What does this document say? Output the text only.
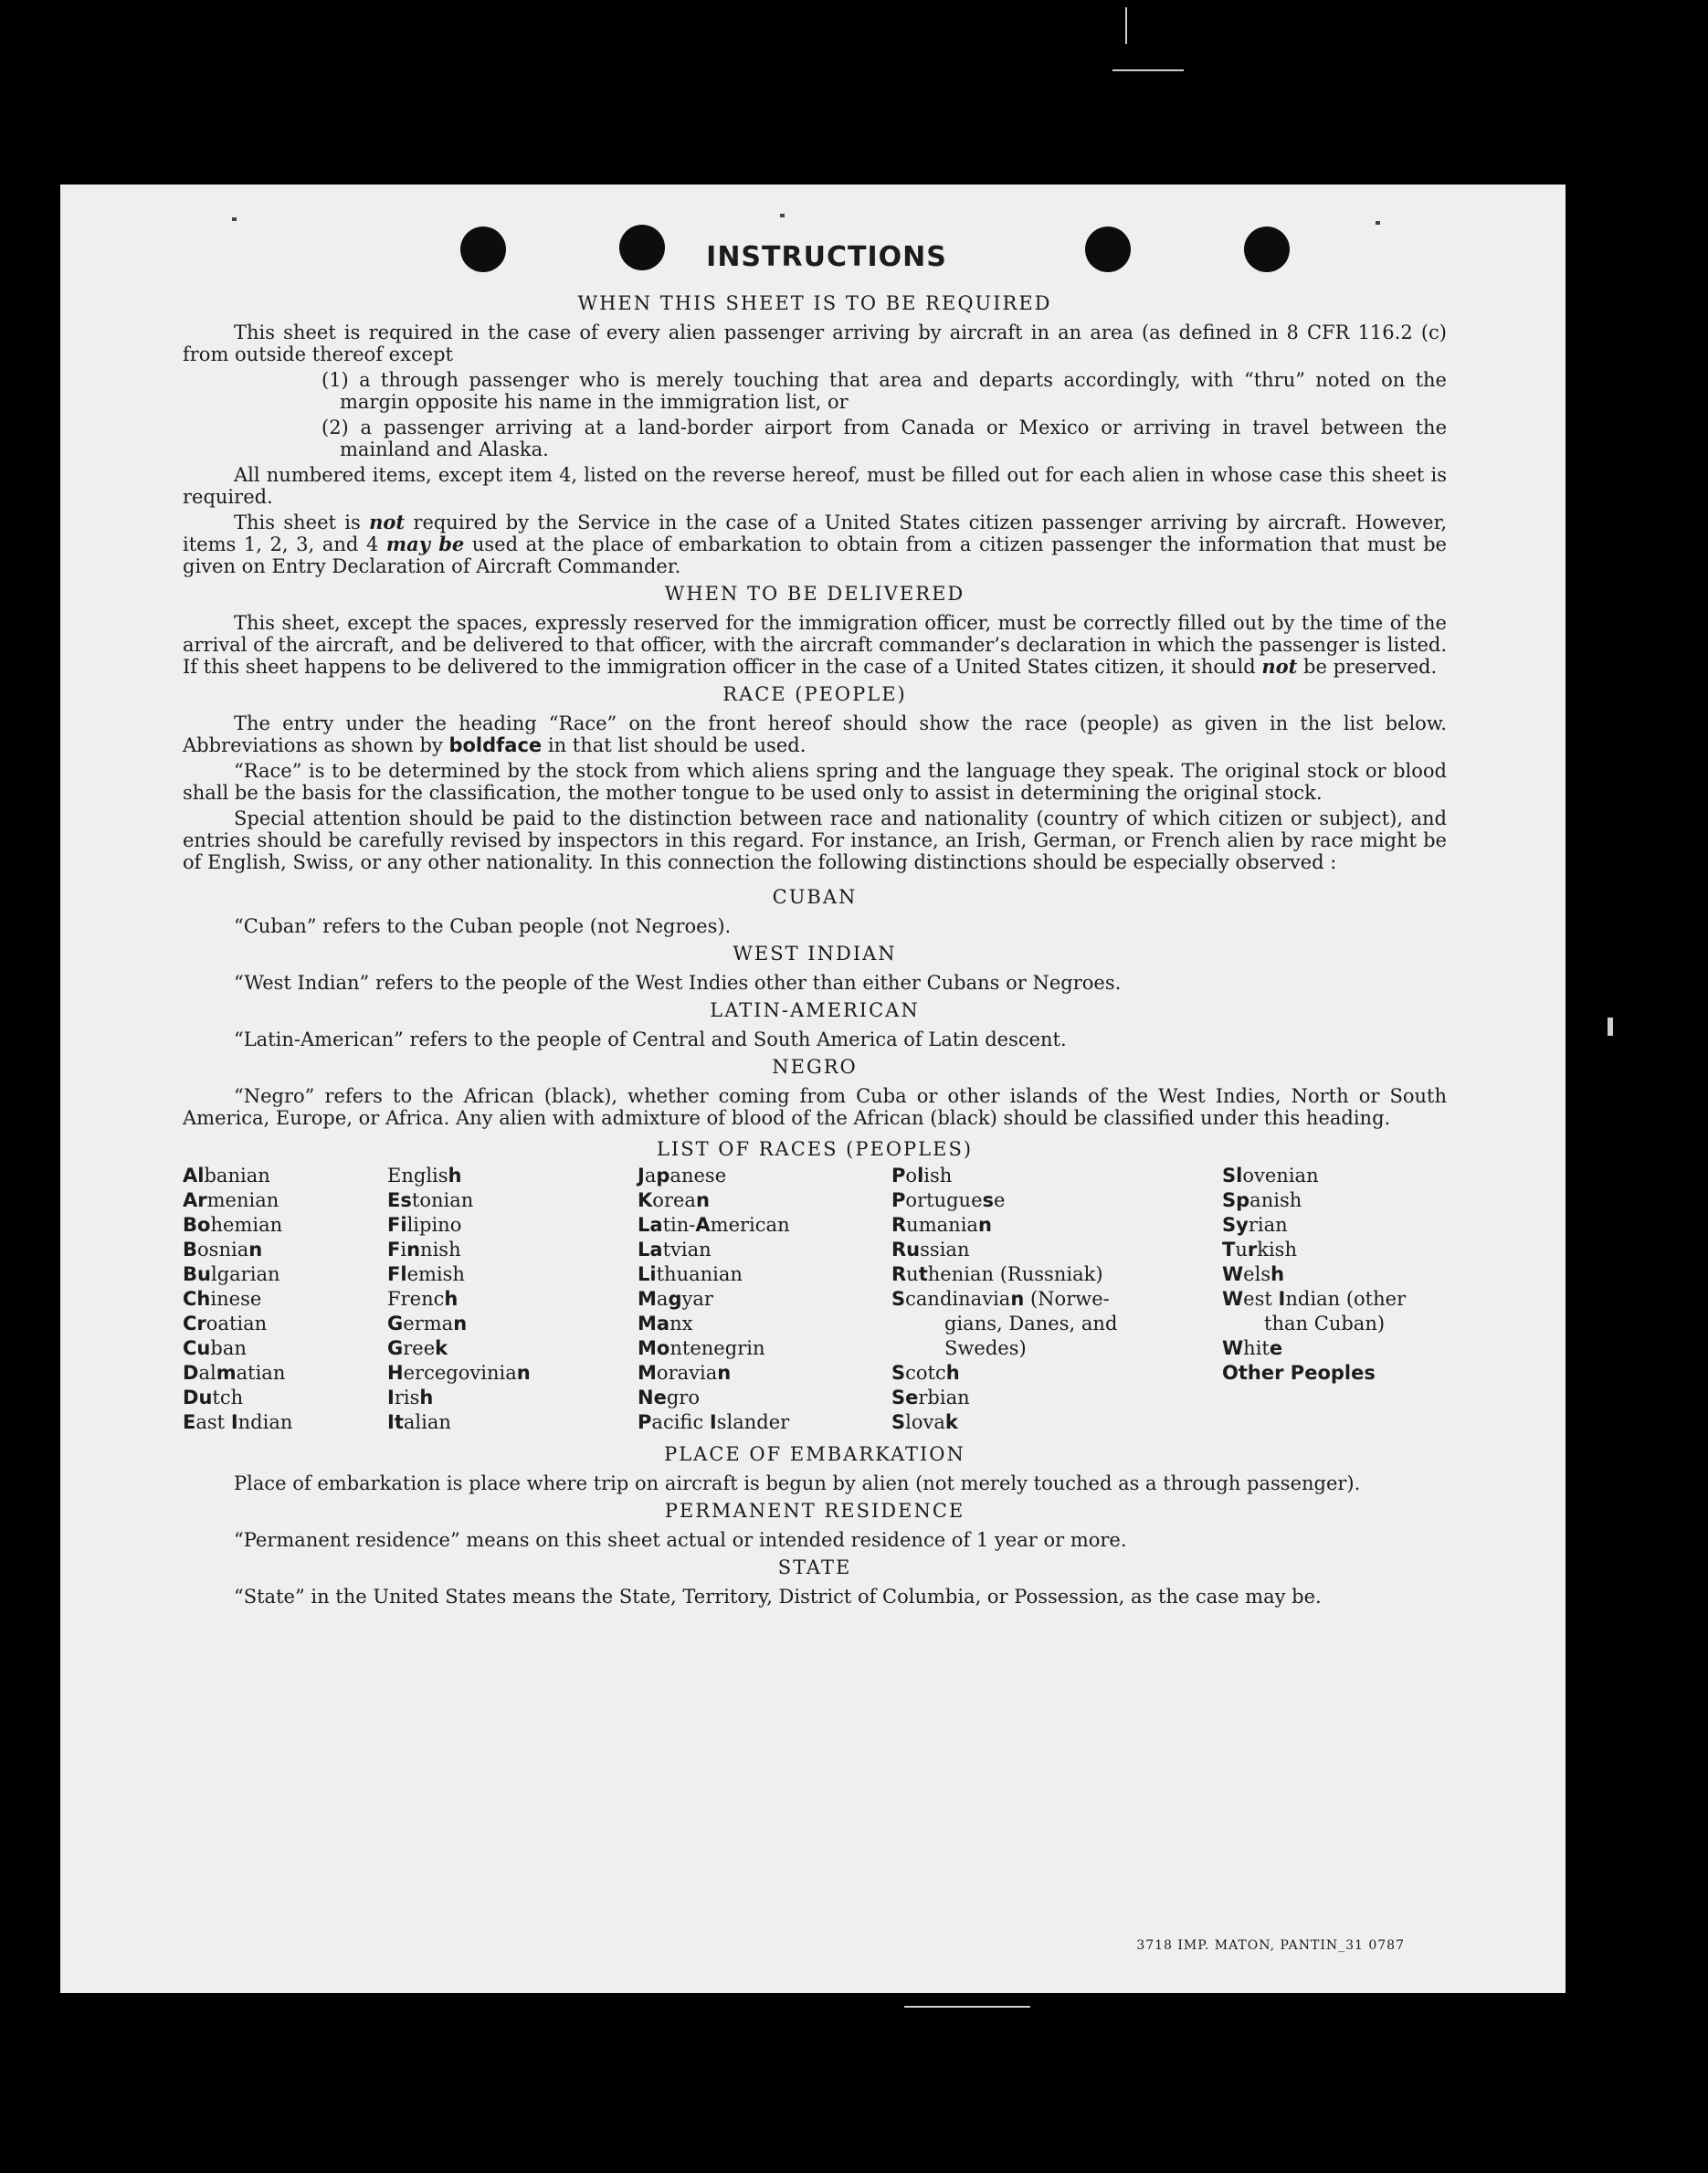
INSTRUCTIONS
WHEN THIS SHEET IS TO BE REQUIRED

This sheet is required in the case of every alien passenger arriving by aircraft in an area (as defined in 8 CFR 116.2 (c) from outside thereof except

(1) a through passenger who is merely touching that area and departs accordingly, with “thru” noted on the margin opposite his name in the immigration list, or

(2) a passenger arriving at a land-border airport from Canada or Mexico or arriving in travel between the mainland and Alaska.

All numbered items, except item 4, listed on the reverse hereof, must be filled out for each alien in whose case this sheet is required.

This sheet is not required by the Service in the case of a United States citizen passenger arriving by aircraft. However, items 1, 2, 3, and 4 may be used at the place of embarkation to obtain from a citizen passenger the information that must be given on Entry Declaration of Aircraft Commander.

WHEN TO BE DELIVERED

This sheet, except the spaces, expressly reserved for the immigration officer, must be correctly filled out by the time of the arrival of the aircraft, and be delivered to that officer, with the aircraft commander’s declaration in which the passenger is listed. If this sheet happens to be delivered to the immigration officer in the case of a United States citizen, it should not be preserved.

RACE (PEOPLE)

The entry under the heading “Race” on the front hereof should show the race (people) as given in the list below. Abbreviations as shown by boldface in that list should be used.

“Race” is to be determined by the stock from which aliens spring and the language they speak. The original stock or blood shall be the basis for the classification, the mother tongue to be used only to assist in determining the original stock.

Special attention should be paid to the distinction between race and nationality (country of which citizen or subject), and entries should be carefully revised by inspectors in this regard. For instance, an Irish, German, or French alien by race might be of English, Swiss, or any other nationality. In this connection the following distinctions should be especially observed :

CUBAN

“Cuban” refers to the Cuban people (not Negroes).

WEST INDIAN

“West Indian” refers to the people of the West Indies other than either Cubans or Negroes.

LATIN-AMERICAN

“Latin-American” refers to the people of Central and South America of Latin descent.

NEGRO

“Negro” refers to the African (black), whether coming from Cuba or other islands of the West Indies, North or South America, Europe, or Africa. Any alien with admixture of blood of the African (black) should be classified under this heading.

LIST OF RACES (PEOPLES)
Albanian
Armenian
Bohemian
Bosnian
Bulgarian
Chinese
Croatian
Cuban
Dalmatian
Dutch
East Indian
English
Estonian
Filipino
Finnish
Flemish
French
German
Greek
Hercegovinian
Irish
Italian
Japanese
Korean
Latin-American
Latvian
Lithuanian
Magyar
Manx
Montenegrin
Moravian
Negro
Pacifc Islander
Polish
Portuguese
Rumanian
Russian
Ruthenian (Russniak)
Scandinavian (Norwe-
gians, Danes, and
Swedes)
Scotch
Serbian
Slovak
Slovenian
Spanish
Syrian
Turkish
Welsh
West Indian (other
than Cuban)
White
Other Peoples
PLACE OF EMBARKATION

Place of embarkation is place where trip on aircraft is begun by alien (not merely touched as a through passenger).

PERMANENT RESIDENCE

“Permanent residence” means on this sheet actual or intended residence of 1 year or more.

STATE

“State” in the United States means the State, Territory, District of Columbia, or Possession, as the case may be.

3718 IMP. MATON, PANTIN_31 0787
